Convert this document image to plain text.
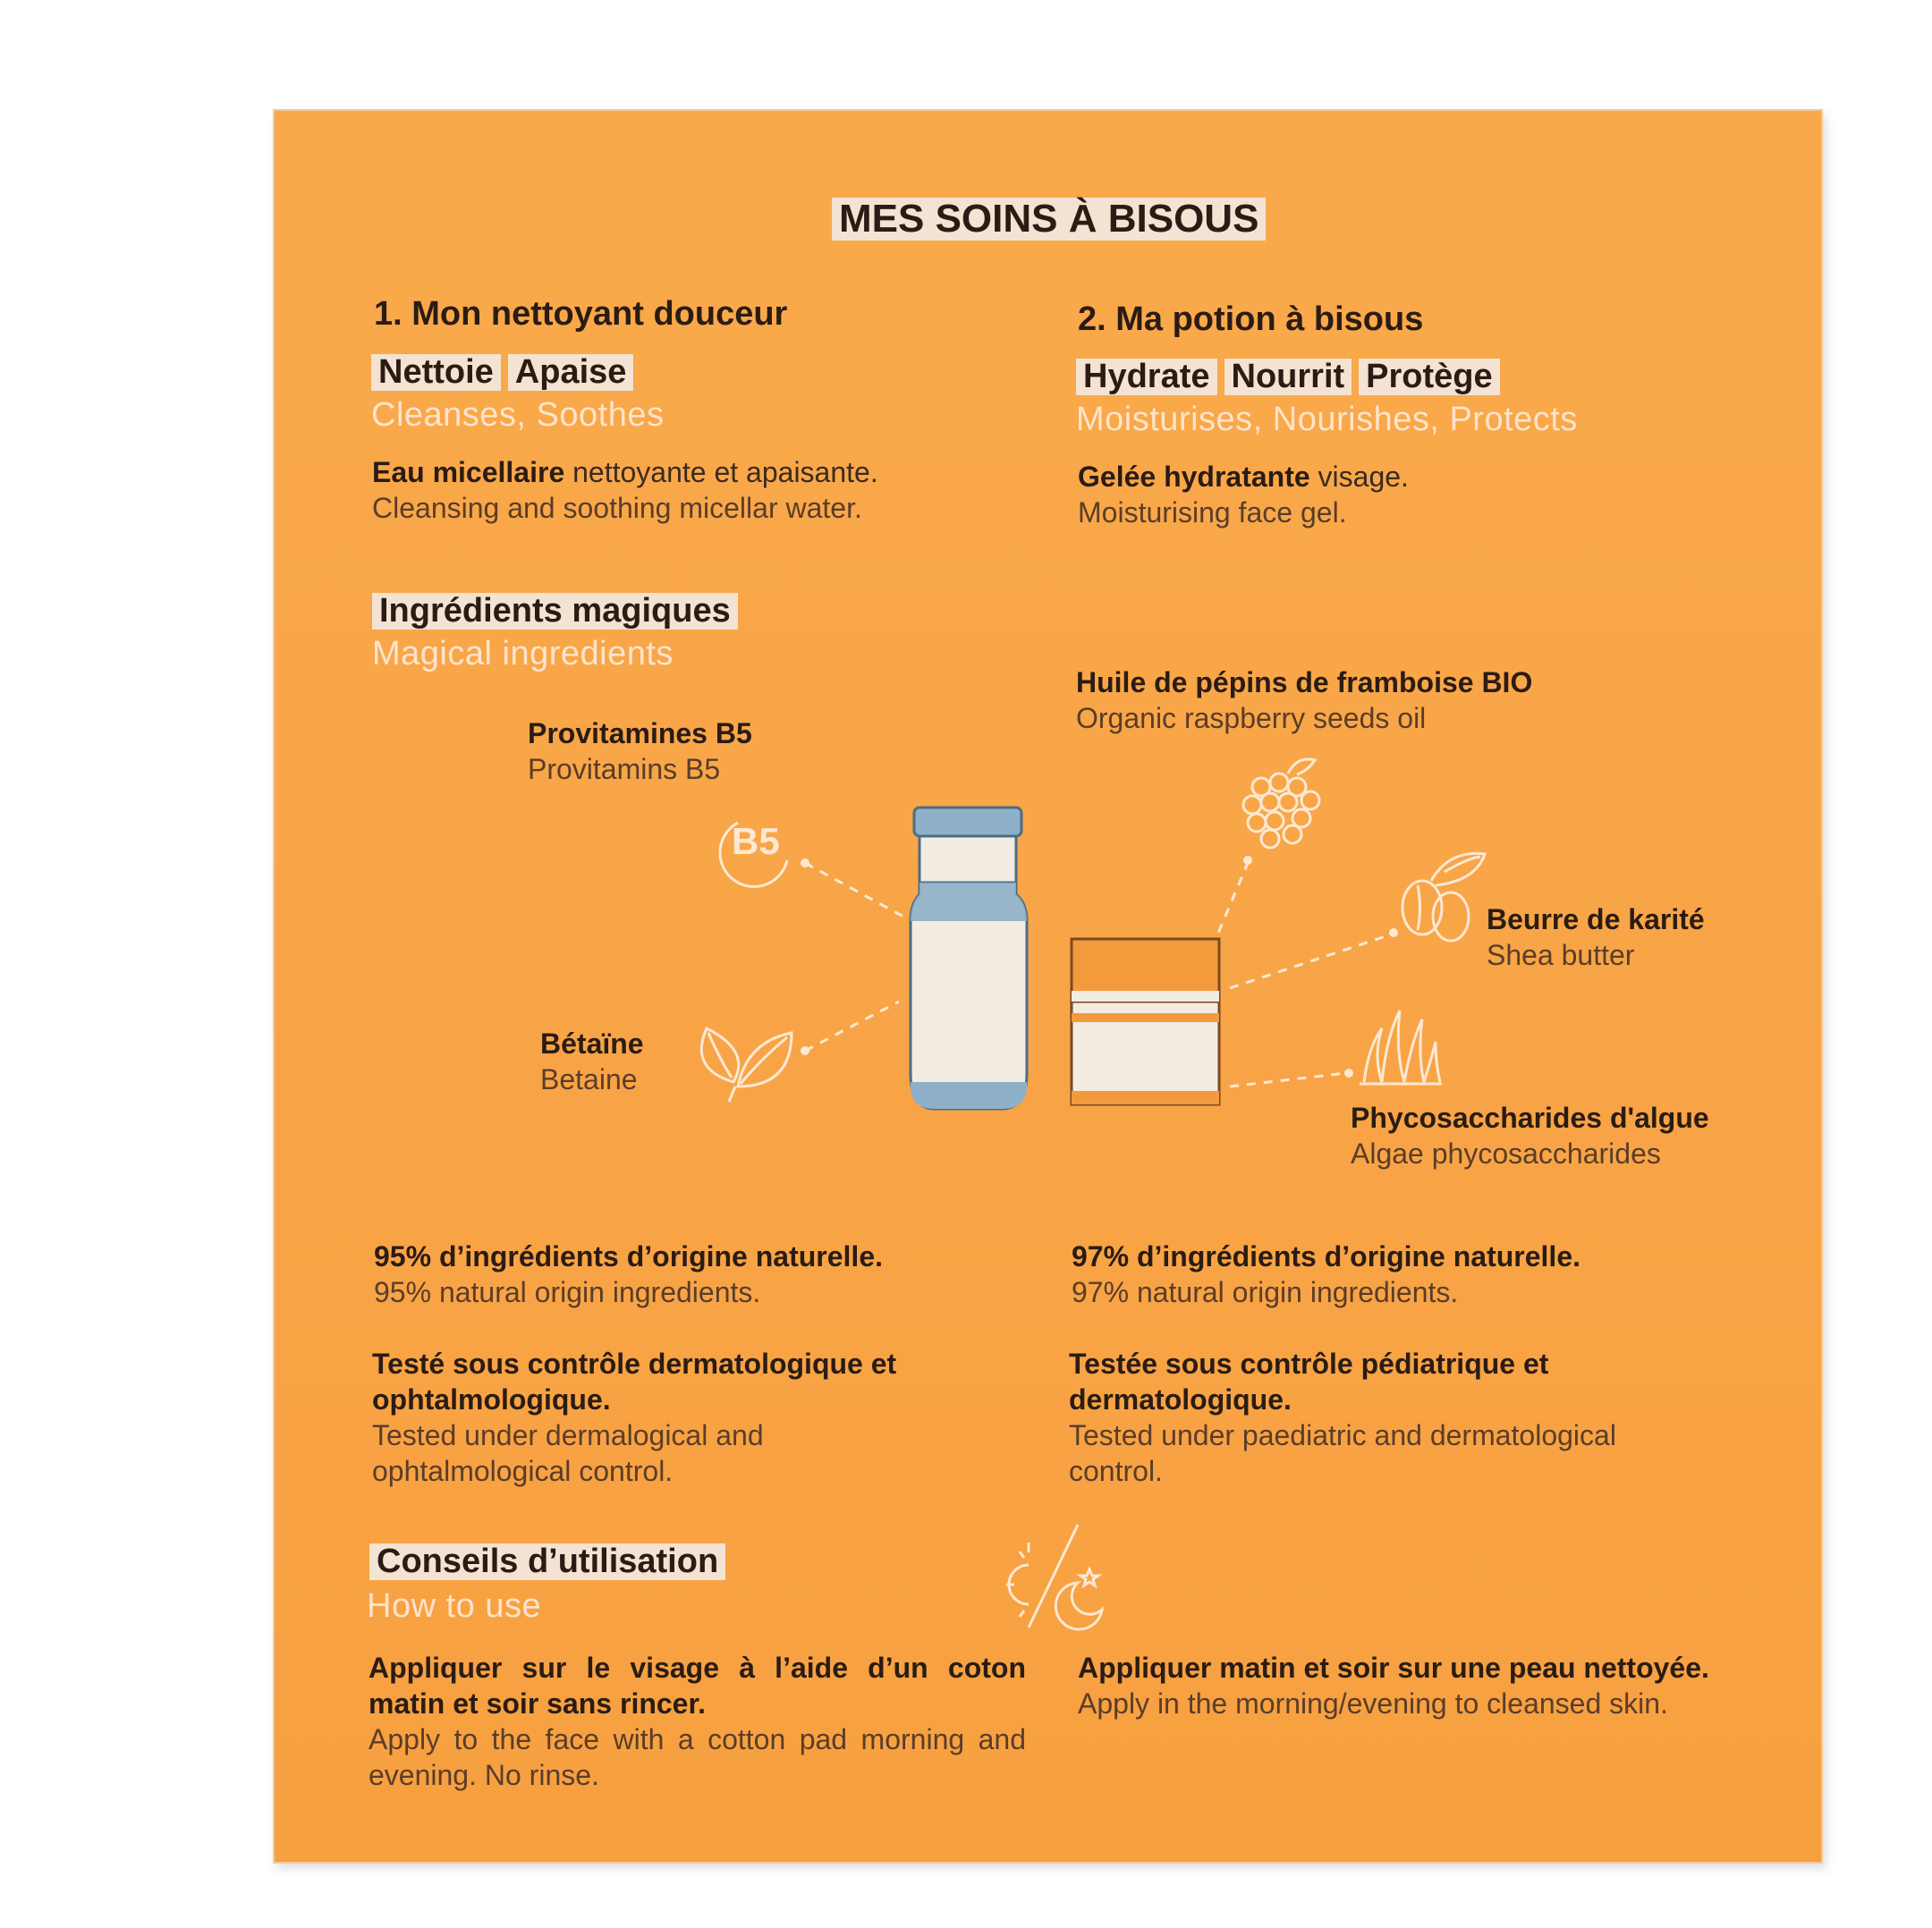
MES SOINS À BISOUS
1. Mon nettoyant douceur
Nettoie Apaise
Cleanses, Soothes
Eau micellaire nettoyante et apaisante.
Cleansing and soothing micellar water.
2. Ma potion à bisous
Hydrate Nourrit Protège
Moisturises, Nourishes, Protects
Gelée hydratante visage.
Moisturising face gel.
Ingrédients magiques
Magical ingredients
Provitamines B5
Provitamins B5
Bétaïne
Betaine
Huile de pépins de framboise BIO
Organic raspberry seeds oil
Beurre de karité
Shea butter
Phycosaccharides d'algue
Algae phycosaccharides
B5
95% d’ingrédients d’origine naturelle.
95% natural origin ingredients.
97% d’ingrédients d’origine naturelle.
97% natural origin ingredients.
Testé sous contrôle dermatologique et ophtalmologique.
Tested under dermalogical and ophtalmological control.
Testée sous contrôle pédiatrique et dermatologique.
Tested under paediatric and dermatological control.
Conseils d’utilisation
How to use
Appliquer sur le visage à l’aide d’un coton matin et soir sans rincer.
Apply to the face with a cotton pad morning and evening. No rinse.
Appliquer matin et soir sur une peau nettoyée.
Apply in the morning/evening to cleansed skin.
